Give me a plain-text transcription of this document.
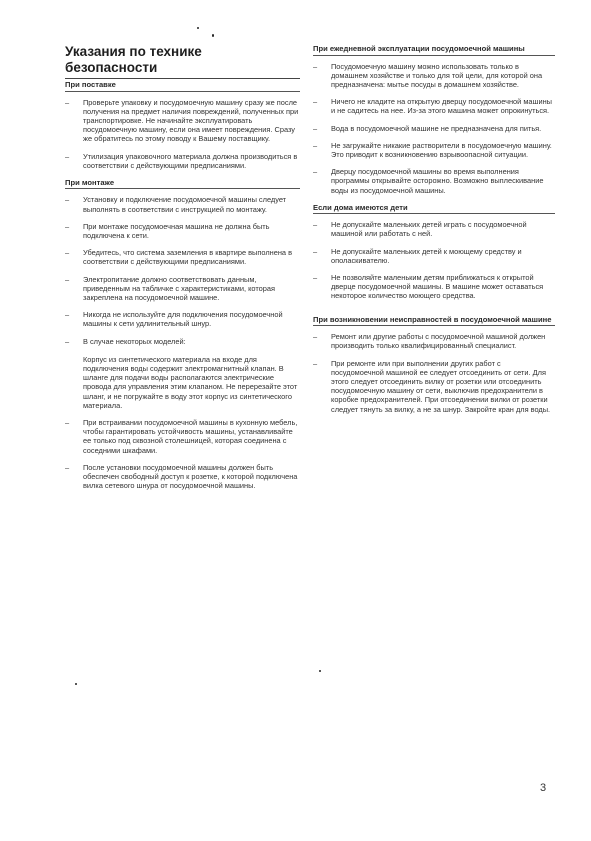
Указания по технике
безопасности
При поставке
–	Проверьте упаковку и посудомоечную машину сразу же после получения на предмет наличия повреждений, полученных при транспортировке. Не начинайте эксплуатировать посудомоечную машину, если она имеет повреждения. Сразу же обратитесь по этому поводу к Вашему поставщику.

–	Утилизация упаковочного материала должна производиться в соответствии с действующими предписаниями.

При монтаже
–	Установку и подключение посудомоечной машины следует выполнять в соответствии с инструкцией по монтажу.

–	При монтаже посудомоечная машина не должна быть подключена к сети.

–	Убедитесь, что система заземления в квартире выполнена в соответствии с действующими предписаниями.

–	Электропитание должно соответствовать данным, приведенным на табличке с характеристиками, которая закреплена на посудомоечной машине.

–	Никогда не используйте для подключения посудомоечной машины к сети удлинительный шнур.

–	В случае некоторых моделей:

Корпус из синтетического материала на входе для подключения воды содержит электромагнитный клапан. В шланге для подачи воды располагаются электрические провода для управления этим клапаном. Не перерезайте этот шланг, и не погружайте в воду этот корпус из синтетического материала.

–	При встраивании посудомоечной машины в кухонную мебель, чтобы гарантировать устойчивость машины, устанавливайте ее только под сквозной столешницей, которая соединена с соседними шкафами.

–	После установки посудомоечной машины должен быть обеспечен свободный доступ к розетке, к которой подключена вилка сетевого шнура от посудомоечной машины.

При ежедневной эксплуатации посудомоечной машины
–	Посудомоечную машину можно использовать только в домашнем хозяйстве и только для той цели, для которой она предназначена: мытье посуды в домашнем хозяйстве.

–	Ничего не кладите на открытую дверцу посудомоечной машины и не садитесь на нее. Из-за этого машина может опрокинуться.

–	Вода в посудомоечной машине не предназначена для питья.

–	Не загружайте никакие растворители в посудомоечную машину. Это приводит к возникновению взрывоопасной ситуации.

–	Дверцу посудомоечной машины во время выполнения программы открывайте осторожно. Возможно выплескивание воды из посудомоечной машины.

Если дома имеются дети
–	Не допускайте маленьких детей играть с посудомоечной машиной или работать с ней.

–	Не допускайте маленьких детей к моющему средству и ополаскивателю.

–	Не позволяйте маленьким детям приближаться к открытой дверце посудомоечной машины. В машине может оставаться некоторое количество моющего средства.

При возникновении неисправностей в посудомоечной машине
–	Ремонт или другие работы с посудомоечной машиной должен производить только квалифицированный специалист.

–	При ремонте или при выполнении других работ с посудомоечной машиной ее следует отсоединить от сети. Для этого следует отсоединить вилку от розетки или отсоединить посудомоечную машину от сети, выключив предохранители в коробке предохранителей. При отсоединении вилки от розетки следует тянуть за вилку, а не за шнур. Закройте кран для воды.

3
